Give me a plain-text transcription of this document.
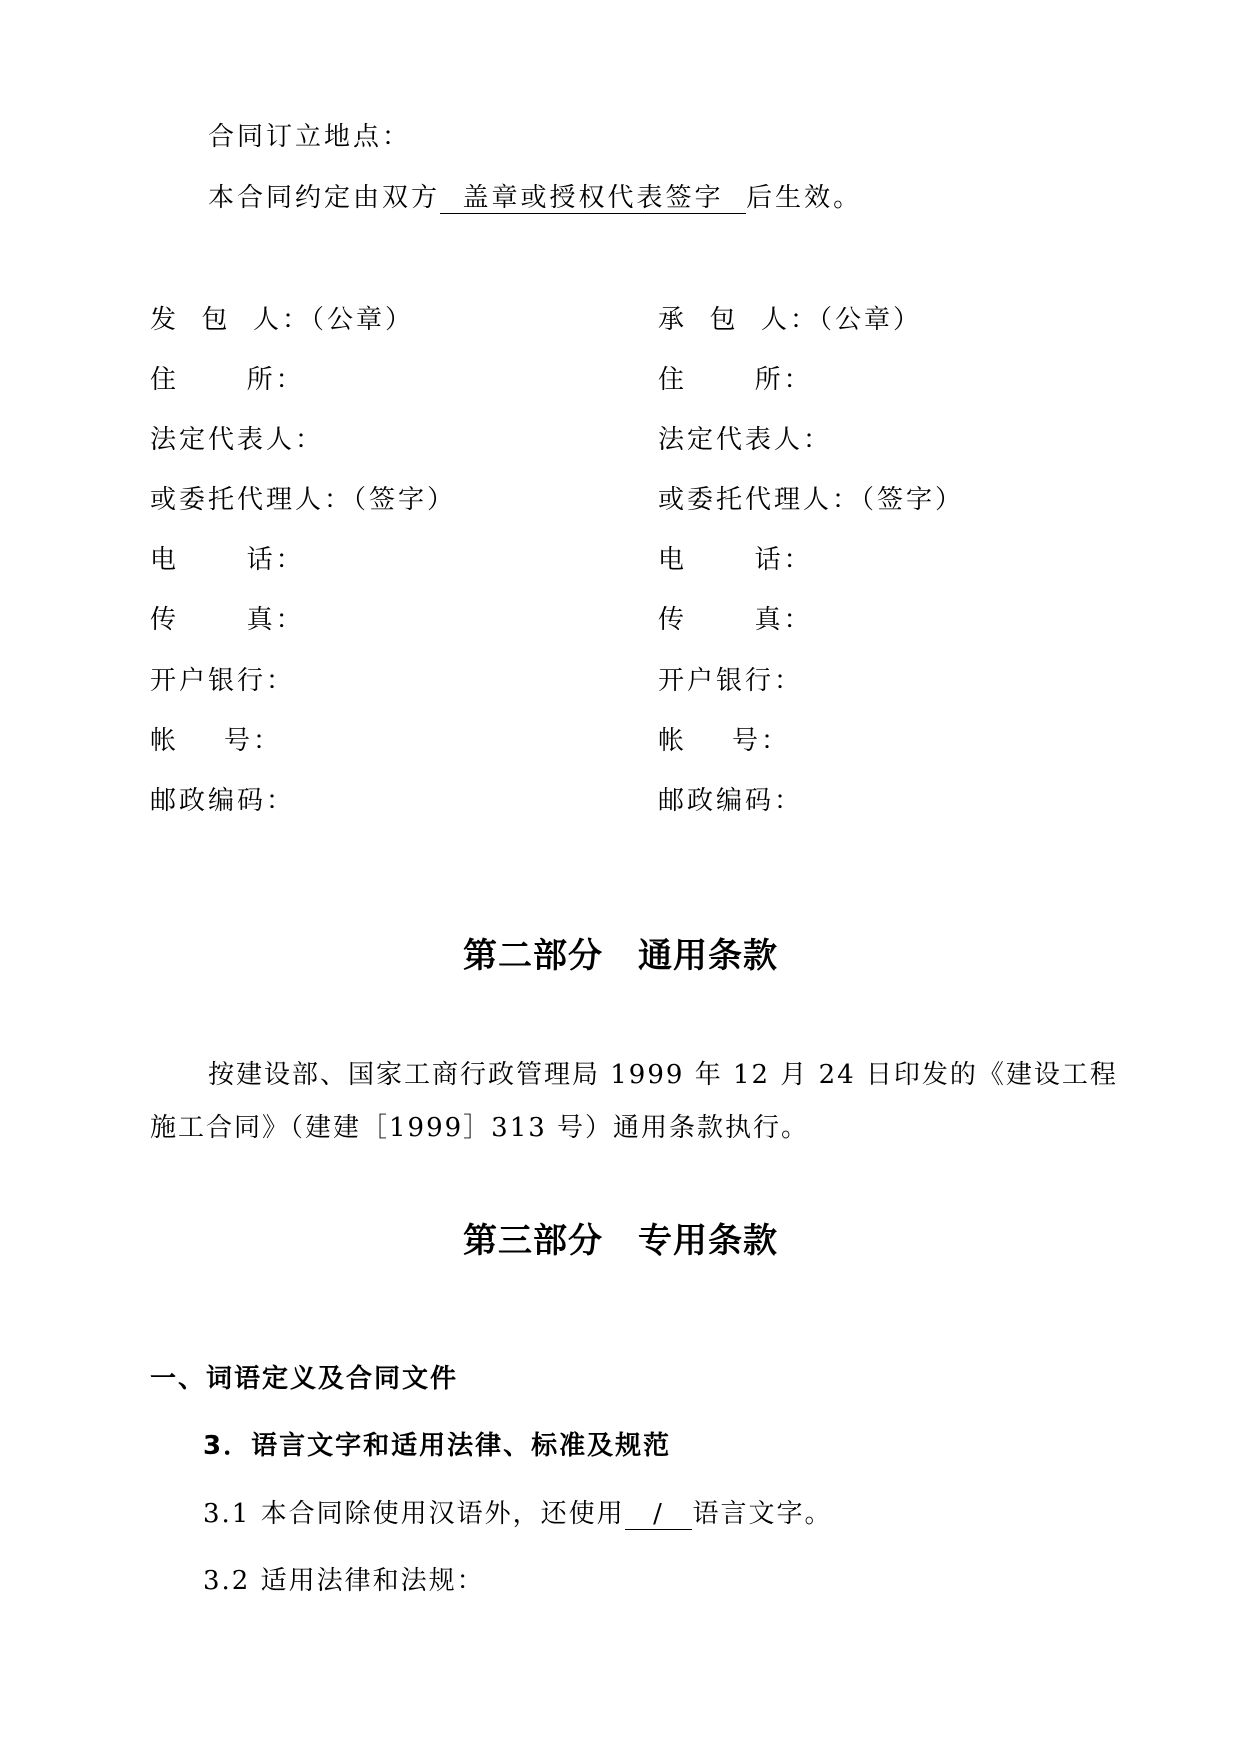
合同订立地点：
本合同约定由双方  盖章或授权代表签字  后生效。
发  包  人：（公章）
住      所：
法定代表人：
或委托代理人：（签字）
电      话：
传      真：
开户银行：
帐    号：
邮政编码：
承  包  人：（公章）
住      所：
法定代表人：
或委托代理人：（签字）
电      话：
传      真：
开户银行：
帐    号：
邮政编码：
第二部分　通用条款
按建设部、国家工商行政管理局 1999 年 12 月 24 日印发的《建设工程
施工合同》（建建［1999］313 号）通用条款执行。
第三部分　专用条款
一、词语定义及合同文件
3．语言文字和适用法律、标准及规范
3.1 本合同除使用汉语外，还使用  /  语言文字。
3.2 适用法律和法规：
